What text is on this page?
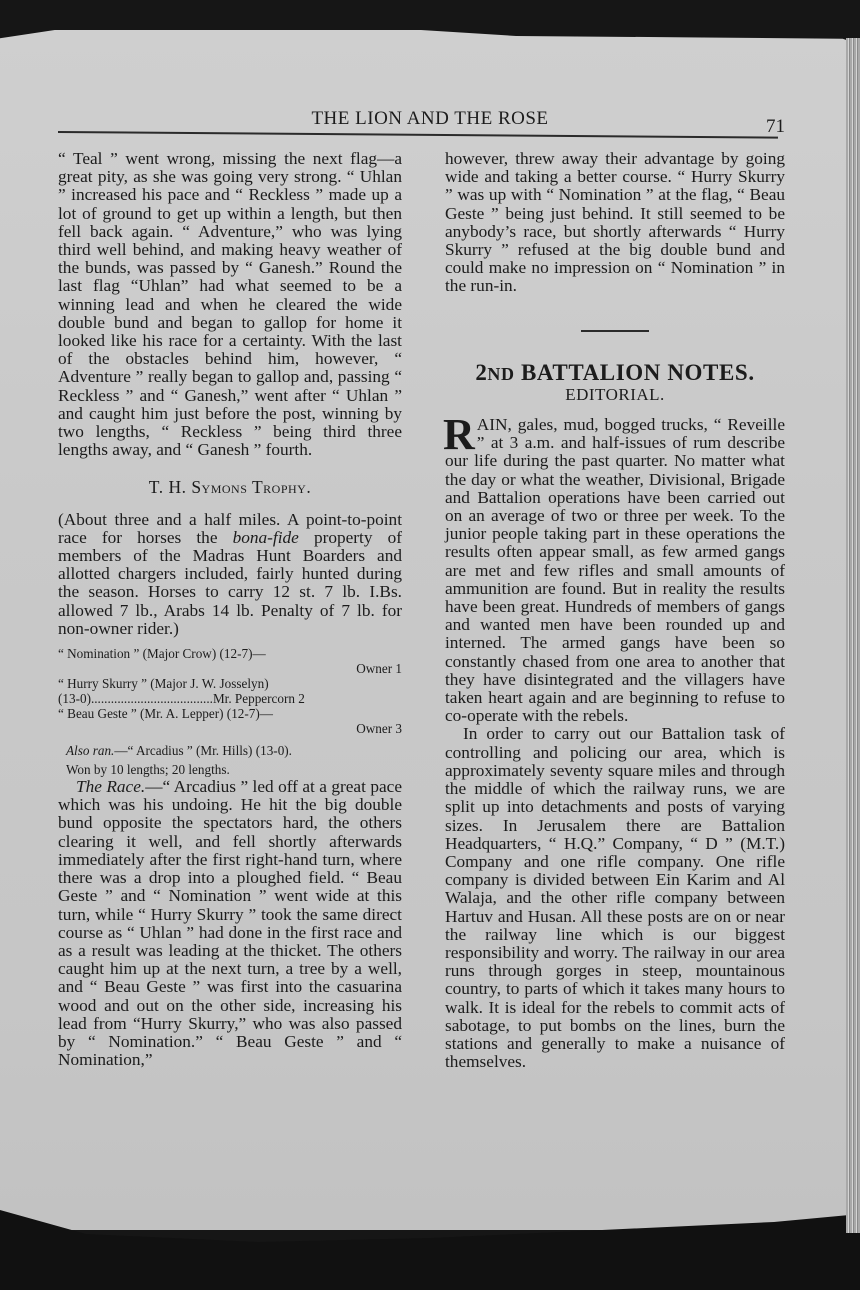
THE LION AND THE ROSE	71

“ Teal ” went wrong, missing the next flag—a great pity, as she was going very strong. “ Uhlan ” increased his pace and “ Reckless ” made up a lot of ground to get up within a length, but then fell back again. “ Adventure,” who was lying third well behind, and making heavy weather of the bunds, was passed by “ Ganesh.” Round the last flag “Uhlan” had what seemed to be a winning lead and when he cleared the wide double bund and began to gallop for home it looked like his race for a certainty. With the last of the obstacles behind him, however, “ Adventure ” really began to gallop and, passing “ Reckless ” and “ Ganesh,” went after “ Uhlan ” and caught him just before the post, winning by two lengths, “ Reckless ” being third three lengths away, and “ Ganesh ” fourth.

T. H. Symons Trophy.

(About three and a half miles. A point-to-point race for horses the bona-fide property of members of the Madras Hunt Boarders and allotted chargers included, fairly hunted during the season. Horses to carry 12 st. 7 lb. I.Bs. allowed 7 lb., Arabs 14 lb. Penalty of 7 lb. for non-owner rider.)

“ Nomination ” (Major Crow) (12-7)—
Owner 1
“ Hurry Skurry ” (Major J. W. Josselyn)
(13-0).....................................Mr. Peppercorn 2
“ Beau Geste ” (Mr. A. Lepper) (12-7)—
Owner 3
Also ran.—“ Arcadius ” (Mr. Hills) (13-0).
Won by 10 lengths; 20 lengths.

The Race.—“ Arcadius ” led off at a great pace which was his undoing. He hit the big double bund opposite the spectators hard, the others clearing it well, and fell shortly afterwards immediately after the first right-hand turn, where there was a drop into a ploughed field. “ Beau Geste ” and “ Nomination ” went wide at this turn, while “ Hurry Skurry ” took the same direct course as “ Uhlan ” had done in the first race and as a result was leading at the thicket. The others caught him up at the next turn, a tree by a well, and “ Beau Geste ” was first into the casuarina wood and out on the other side, increasing his lead from “Hurry Skurry,” who was also passed by “ Nomination.” “ Beau Geste ” and “ Nomination,”

however, threw away their advantage by going wide and taking a better course. “ Hurry Skurry ” was up with “ Nomination ” at the flag, “ Beau Geste ” being just behind. It still seemed to be anybody’s race, but shortly afterwards “ Hurry Skurry ” refused at the big double bund and could make no impression on “ Nomination ” in the run-in.

2ND BATTALION NOTES.
EDITORIAL.

RAIN, gales, mud, bogged trucks, “ Reveille ” at 3 a.m. and half-issues of rum describe our life during the past quarter. No matter what the day or what the weather, Divisional, Brigade and Battalion operations have been carried out on an average of two or three per week. To the junior people taking part in these operations the results often appear small, as few armed gangs are met and few rifles and small amounts of ammunition are found. But in reality the results have been great. Hundreds of members of gangs and wanted men have been rounded up and interned. The armed gangs have been so constantly chased from one area to another that they have disintegrated and the villagers have taken heart again and are beginning to refuse to co-operate with the rebels.

In order to carry out our Battalion task of controlling and policing our area, which is approximately seventy square miles and through the middle of which the railway runs, we are split up into detachments and posts of varying sizes. In Jerusalem there are Battalion Headquarters, “ H.Q.” Company, “ D ” (M.T.) Company and one rifle company. One rifle company is divided between Ein Karim and Al Walaja, and the other rifle company between Hartuv and Husan. All these posts are on or near the railway line which is our biggest responsibility and worry. The railway in our area runs through gorges in steep, mountainous country, to parts of which it takes many hours to walk. It is ideal for the rebels to commit acts of sabotage, to put bombs on the lines, burn the stations and generally to make a nuisance of themselves.
